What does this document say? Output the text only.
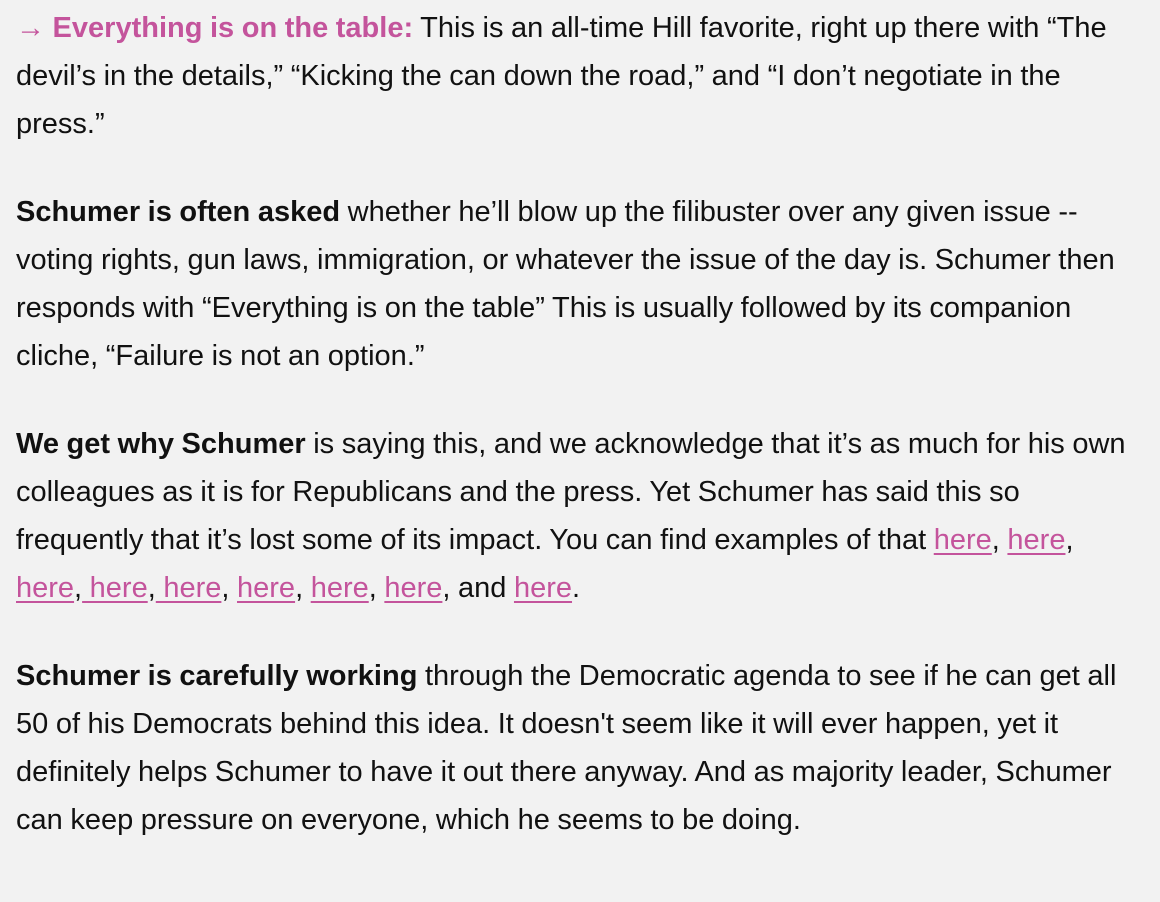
→ Everything is on the table: This is an all-time Hill favorite, right up there with “The devil’s in the details,” “Kicking the can down the road,” and “I don’t negotiate in the press.”

Schumer is often asked whether he’ll blow up the filibuster over any given issue -- voting rights, gun laws, immigration, or whatever the issue of the day is. Schumer then responds with “Everything is on the table” This is usually followed by its companion cliche, “Failure is not an option.”

We get why Schumer is saying this, and we acknowledge that it’s as much for his own colleagues as it is for Republicans and the press. Yet Schumer has said this so frequently that it’s lost some of its impact. You can find examples of that here, here, here, here, here, here, here, here, and here.

Schumer is carefully working through the Democratic agenda to see if he can get all 50 of his Democrats behind this idea. It doesn't seem like it will ever happen, yet it definitely helps Schumer to have it out there anyway. And as majority leader, Schumer can keep pressure on everyone, which he seems to be doing.
